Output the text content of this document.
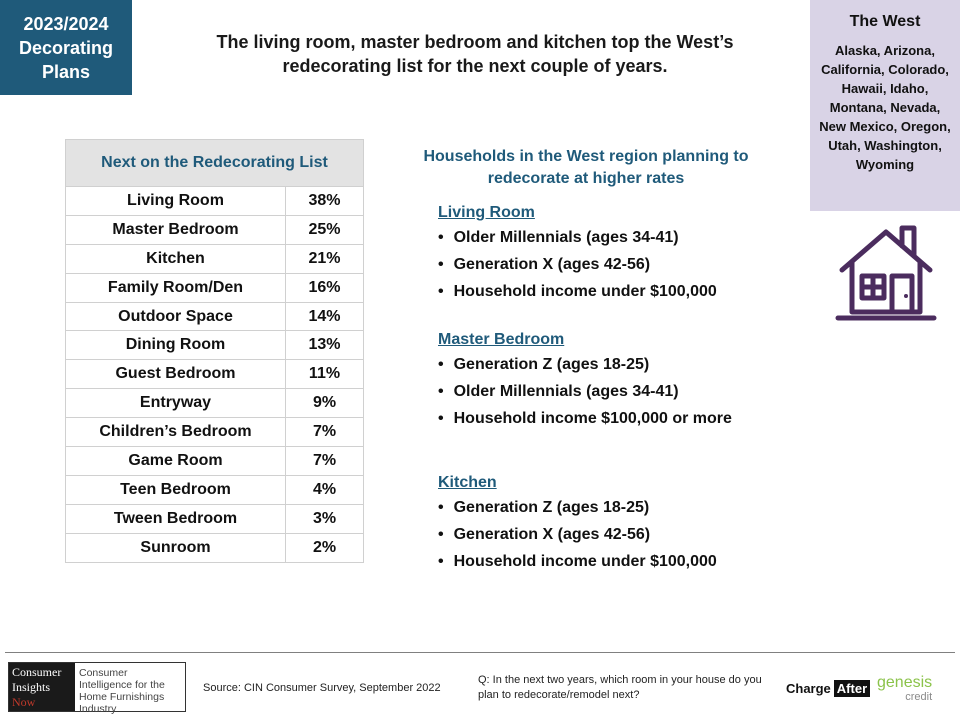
2023/2024
Decorating
Plans
The living room, master bedroom and kitchen top the West’s redecorating list for the next couple of years.
The West
Alaska, Arizona, California, Colorado, Hawaii, Idaho, Montana, Nevada, New Mexico, Oregon, Utah, Washington, Wyoming
Next on the Redecorating List	
Living Room	38%
Master Bedroom	25%
Kitchen	21%
Family Room/Den	16%
Outdoor Space	14%
Dining Room	13%
Guest Bedroom	11%
Entryway	9%
Children’s Bedroom	7%
Game Room	7%
Teen Bedroom	4%
Tween Bedroom	3%
Sunroom	2%
Households in the West region planning to redecorate at higher rates
Living Room
• Older Millennials (ages 34-41)
• Generation X (ages 42-56)
• Household income under $100,000
Master Bedroom
• Generation Z (ages 18-25)
• Older Millennials (ages 34-41)
• Household income $100,000 or more
Kitchen
• Generation Z (ages 18-25)
• Generation X (ages 42-56)
• Household income under $100,000
Consumer
Insights
Now
Consumer Intelligence for the Home Furnishings Industry
Source: CIN Consumer Survey, September 2022
Q: In the next two years, which room in your house do you plan to redecorate/remodel next?	Charge After genesis
credit
